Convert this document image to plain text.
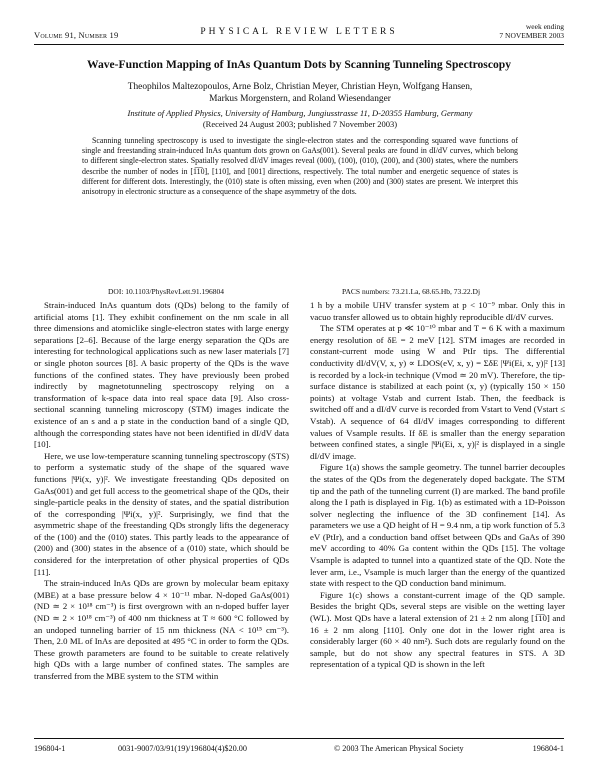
Volume 91, Number 19	PHYSICAL REVIEW LETTERS
week ending
7 NOVEMBER 2003
Wave-Function Mapping of InAs Quantum Dots by Scanning Tunneling Spectroscopy
Theophilos Maltezopoulos, Arne Bolz, Christian Meyer, Christian Heyn, Wolfgang Hansen,
Markus Morgenstern, and Roland Wiesendanger
Institute of Applied Physics, University of Hamburg, Jungiusstrasse 11, D-20355 Hamburg, Germany
(Received 24 August 2003; published 7 November 2003)
Scanning tunneling spectroscopy is used to investigate the single-electron states and the corresponding squared wave functions of single and freestanding strain-induced InAs quantum dots grown on GaAs(001). Several peaks are found in dI/dV curves, which belong to different single-electron states. Spatially resolved dI/dV images reveal (000), (100), (010), (200), and (300) states, where the numbers describe the number of nodes in [1̅1̅0], [110], and [001] directions, respectively. The total number and energetic sequence of states is different for different dots. Interestingly, the (010) state is often missing, even when (200) and (300) states are present. We interpret this anisotropy in electronic structure as a consequence of the shape asymmetry of the dots.
DOI: 10.1103/PhysRevLett.91.196804	PACS numbers: 73.21.La, 68.65.Hb, 73.22.Dj

Strain-induced InAs quantum dots (QDs) belong to the family of artificial atoms [1]. They exhibit confinement on the nm scale in all three dimensions and atomiclike single-electron states with large energy separations [2–6]. Because of the large energy separation the QDs are interesting for technological applications such as new laser materials [7] or single photon sources [8]. A basic property of the QDs is the wave functions of the confined states. They have previously been probed indirectly by magnetotunneling spectroscopy relying on a transformation of k-space data into real space data [9]. Also cross-sectional scanning tunneling microscopy (STM) images indicate the existence of an s and a p state in the conduction band of a single QD, although the corresponding states have not been identified in dI/dV data [10].

Here, we use low-temperature scanning tunneling spectroscopy (STS) to perform a systematic study of the shape of the squared wave functions |Ψi(x, y)|². We investigate freestanding QDs deposited on GaAs(001) and get full access to the geometrical shape of the QDs, their single-particle peaks in the density of states, and the spatial distribution of the corresponding |Ψi(x, y)|². Surprisingly, we find that the asymmetric shape of the freestanding QDs strongly lifts the degeneracy of the (100) and the (010) states. This partly leads to the appearance of (200) and (300) states in the absence of a (010) state, which should be considered for the interpretation of other physical properties of QDs [11].

The strain-induced InAs QDs are grown by molecular beam epitaxy (MBE) at a base pressure below 4 × 10⁻¹¹ mbar. N-doped GaAs(001) (ND ≃ 2 × 10¹⁸ cm⁻³) is first overgrown with an n-doped buffer layer (ND ≃ 2 × 10¹⁸ cm⁻³) of 400 nm thickness at T ≈ 600 °C followed by an undoped tunneling barrier of 15 nm thickness (NA < 10¹⁵ cm⁻³). Then, 2.0 ML of InAs are deposited at 495 °C in order to form the QDs. These growth parameters are found to be suitable to create relatively high QDs with a large number of confined states. The samples are transferred from the MBE system to the STM within

1 h by a mobile UHV transfer system at p < 10⁻⁹ mbar. Only this in vacuo transfer allowed us to obtain highly reproducible dI/dV curves.

The STM operates at p ≪ 10⁻¹⁰ mbar and T = 6 K with a maximum energy resolution of δE = 2 meV [12]. STM images are recorded in constant-current mode using W and PtIr tips. The differential conductivity dI/dV(V, x, y) ∝ LDOS(eV, x, y) = ΣδE |Ψi(Ei, x, y)|² [13] is recorded by a lock-in technique (Vmod ≃ 20 mV). Therefore, the tip-surface distance is stabilized at each point (x, y) (typically 150 × 150 points) at voltage Vstab and current Istab. Then, the feedback is switched off and a dI/dV curve is recorded from Vstart to Vend (Vstart ≤ Vstab). A sequence of 64 dI/dV images corresponding to different values of Vsample results. If δE is smaller than the energy separation between confined states, a single |Ψi(Ei, x, y)|² is displayed in a single dI/dV image.

Figure 1(a) shows the sample geometry. The tunnel barrier decouples the states of the QDs from the degenerately doped backgate. The STM tip and the path of the tunneling current (I) are marked. The band profile along the I path is displayed in Fig. 1(b) as estimated with a 1D-Poisson solver neglecting the influence of the 3D confinement [14]. As parameters we use a QD height of H = 9.4 nm, a tip work function of 5.3 eV (PtIr), and a conduction band offset between QDs and GaAs of 390 meV according to 40% Ga content within the QDs [15]. The voltage Vsample is adapted to tunnel into a quantized state of the QD. Note the lever arm, i.e., Vsample is much larger than the energy of the quantized state with respect to the QD conduction band minimum.

Figure 1(c) shows a constant-current image of the QD sample. Besides the bright QDs, several steps are visible on the wetting layer (WL). Most QDs have a lateral extension of 21 ± 2 nm along [1̅1̅0] and 16 ± 2 nm along [110]. Only one dot in the lower right area is considerably larger (60 × 40 nm²). Such dots are regularly found on the sample, but do not show any spectral features in STS. A 3D representation of a typical QD is shown in the left

196804-1	0031-9007/03/91(19)/196804(4)$20.00	© 2003 The American Physical Society	196804-1
